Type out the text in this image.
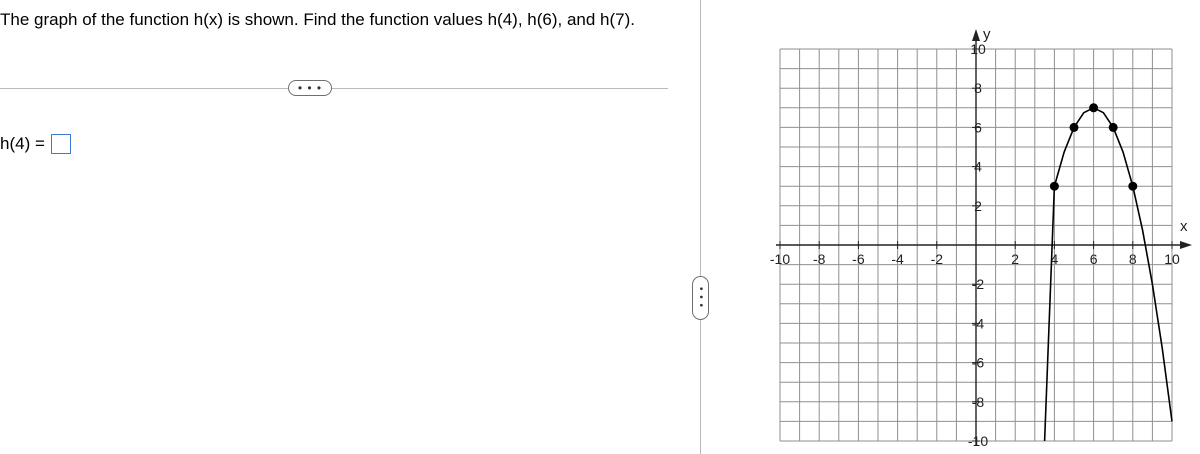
The graph of the function h(x) is shown. Find the function values h(4), h(6), and h(7).
• • •
h(4) =
• • •
x
y
-10 -8 -6 -4 -2	2 4 6 8 10
10
8
6
4
2
-2
-4
-6
-8
-10
